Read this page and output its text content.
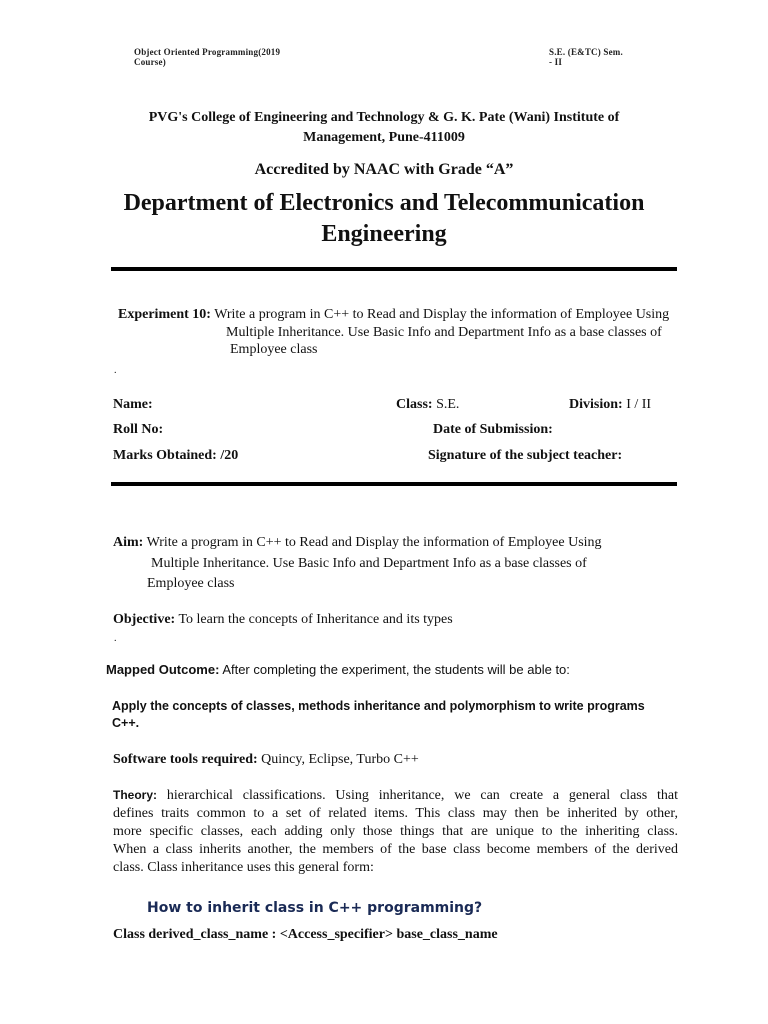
Object Oriented Programming(2019
Course)
S.E. (E&TC) Sem.
- II
PVG's College of Engineering and Technology & G. K. Pate (Wani) Institute of
Management, Pune-411009
Accredited by NAAC with Grade “A”
Department of Electronics and Telecommunication
Engineering
Experiment 10: Write a program in C++ to Read and Display the information of Employee Using
Multiple Inheritance. Use Basic Info and Department Info as a base classes of
Employee class
.
Name:	Class: S.E.	Division: I / II
Roll No:	Date of Submission:
Marks Obtained: /20	Signature of the subject teacher:
Aim: Write a program in C++ to Read and Display the information of Employee Using
Multiple Inheritance. Use Basic Info and Department Info as a base classes of
Employee class
Objective: To learn the concepts of Inheritance and its types
.
Mapped Outcome: After completing the experiment, the students will be able to:
Apply the concepts of classes, methods inheritance and polymorphism to write programs
C++.
Software tools required: Quincy, Eclipse, Turbo C++
Theory: hierarchical classifications. Using inheritance, we can create a general class that
defines traits common to a set of related items. This class may then be inherited by other,
more specific classes, each adding only those things that are unique to the inheriting class.
When a class inherits another, the members of the base class become members of the derived
class. Class inheritance uses this general form:
How to inherit class in C++ programming?
Class derived_class_name : <Access_specifier> base_class_name
